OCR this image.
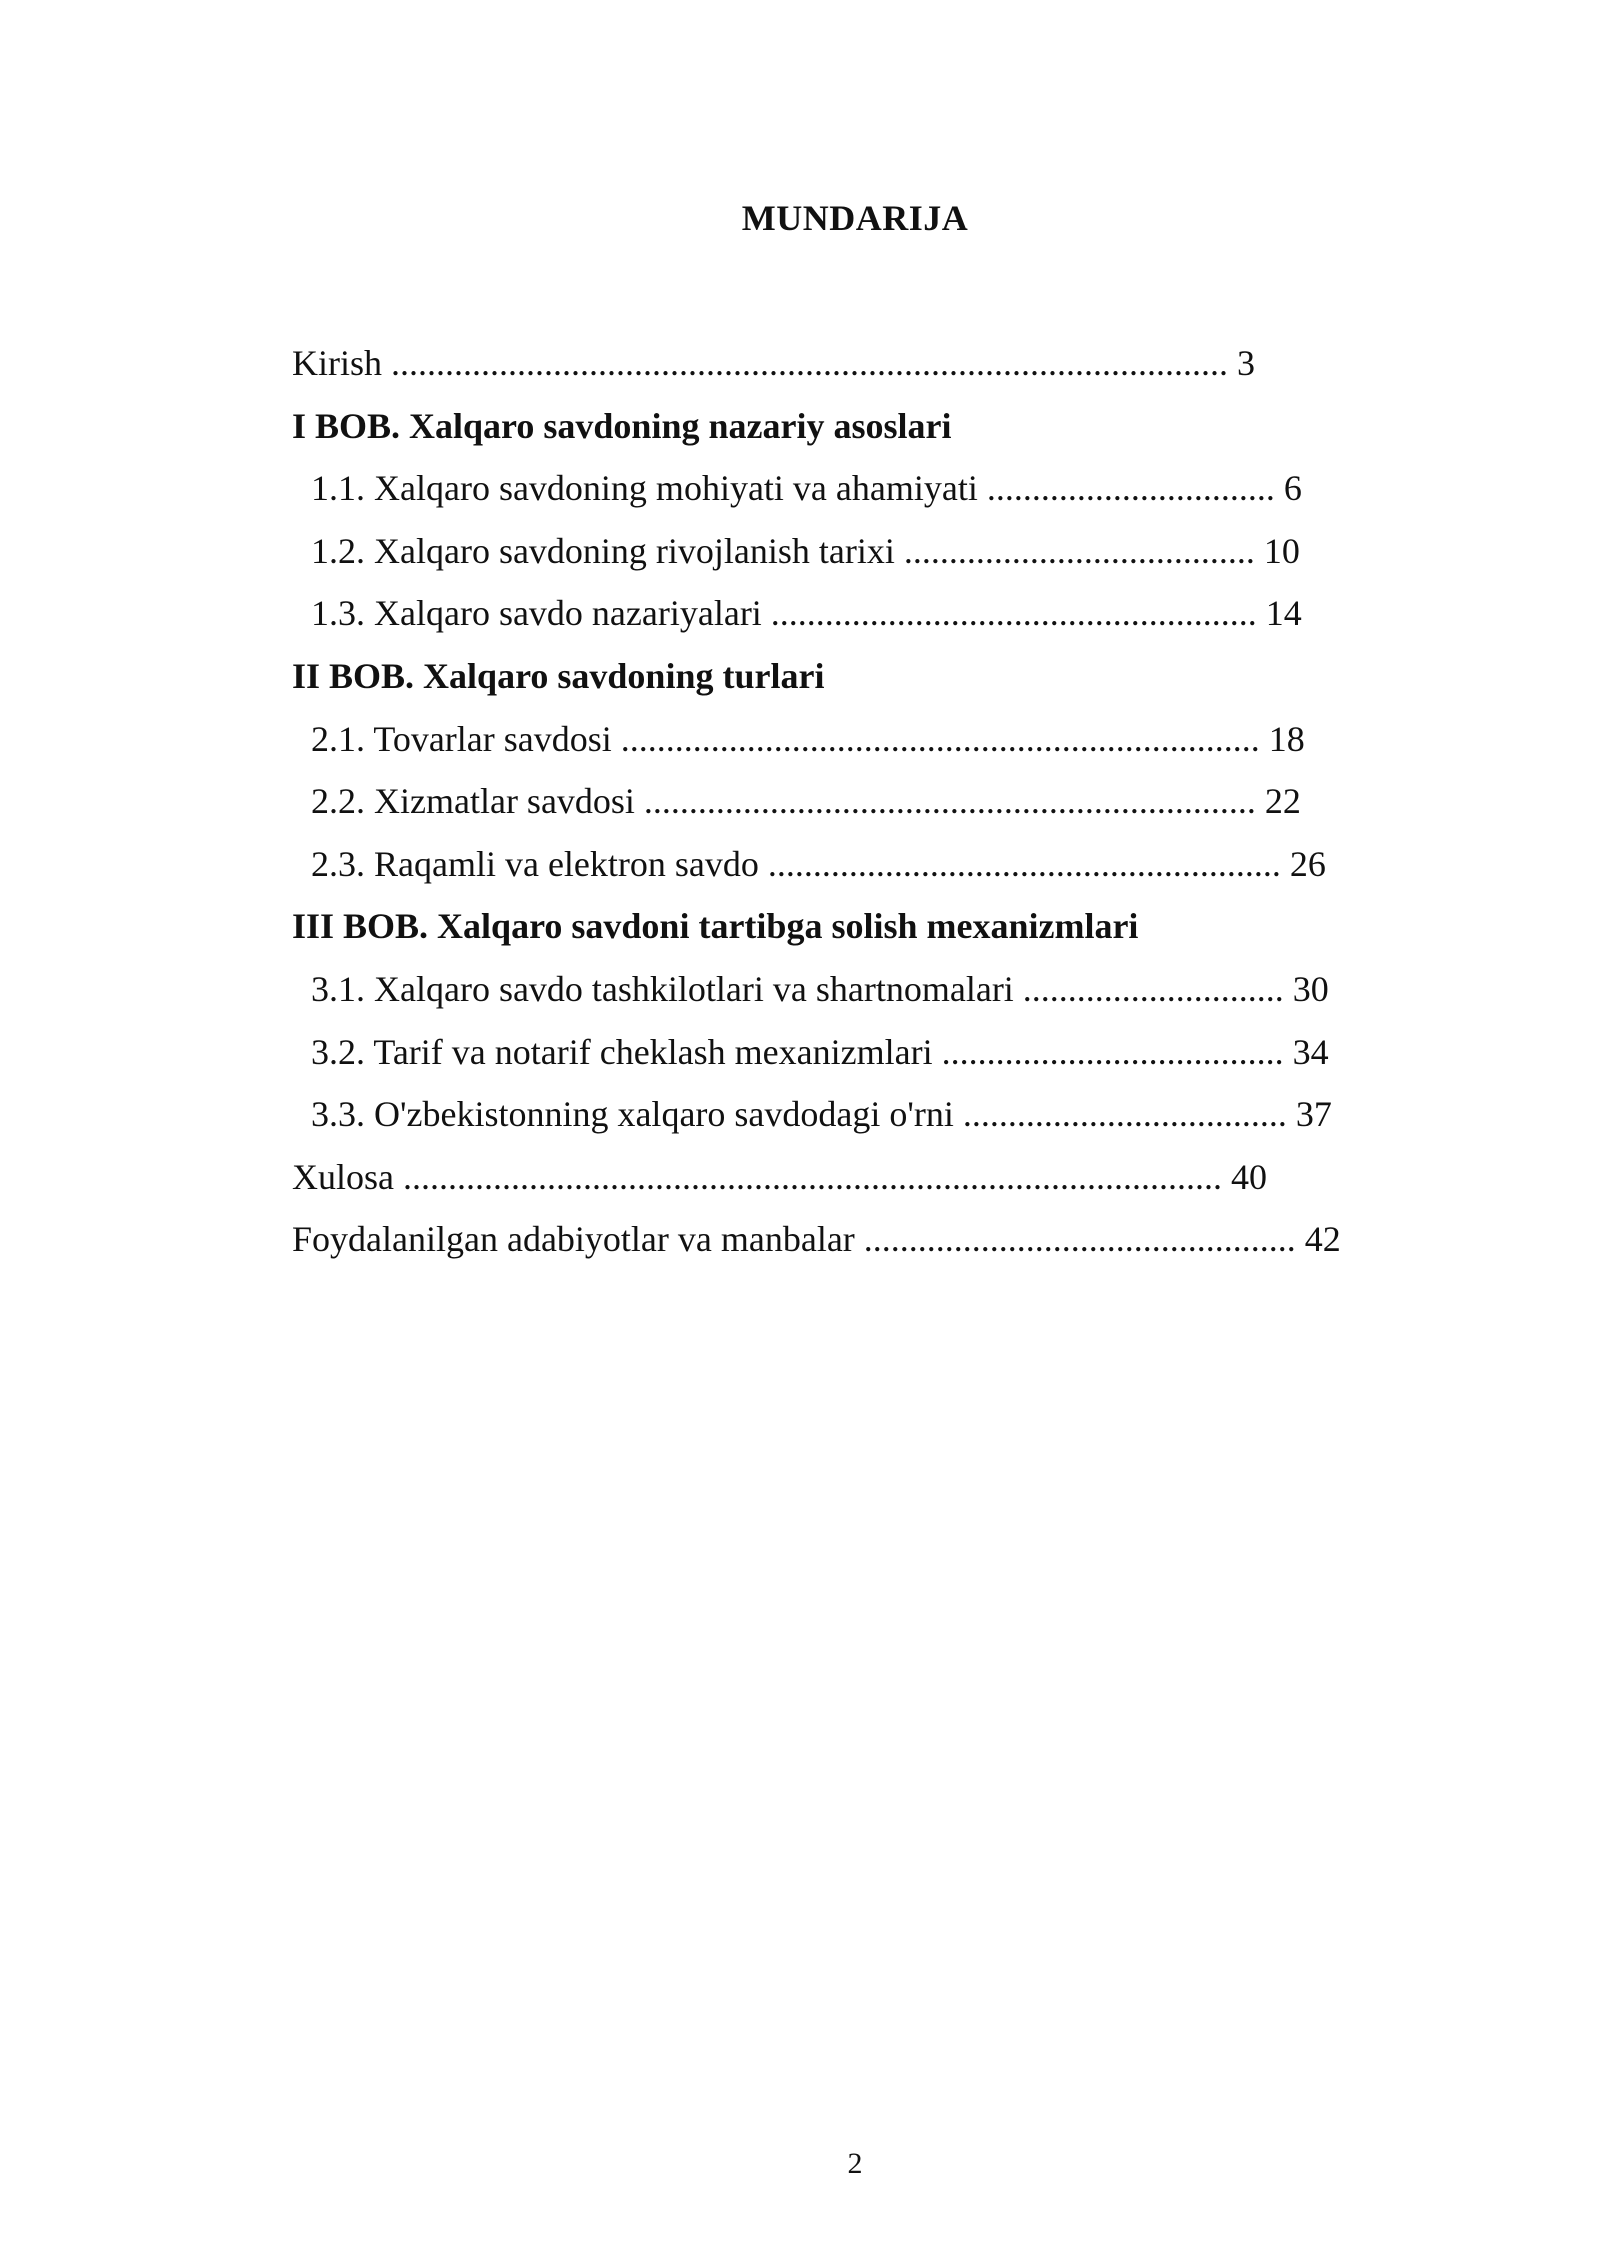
MUNDARIJA
Kirish ............................................................................................. 3
I BOB. Xalqaro savdoning nazariy asoslari
1.1. Xalqaro savdoning mohiyati va ahamiyati ................................ 6
1.2. Xalqaro savdoning rivojlanish tarixi ....................................... 10
1.3. Xalqaro savdo nazariyalari ...................................................... 14
II BOB. Xalqaro savdoning turlari
2.1. Tovarlar savdosi ....................................................................... 18
2.2. Xizmatlar savdosi .................................................................... 22
2.3. Raqamli va elektron savdo ......................................................... 26
III BOB. Xalqaro savdoni tartibga solish mexanizmlari
3.1. Xalqaro savdo tashkilotlari va shartnomalari ............................. 30
3.2. Tarif va notarif cheklash mexanizmlari ...................................... 34
3.3. O'zbekistonning xalqaro savdodagi o'rni .................................... 37
Xulosa ........................................................................................... 40
Foydalanilgan adabiyotlar va manbalar ................................................ 42
2
